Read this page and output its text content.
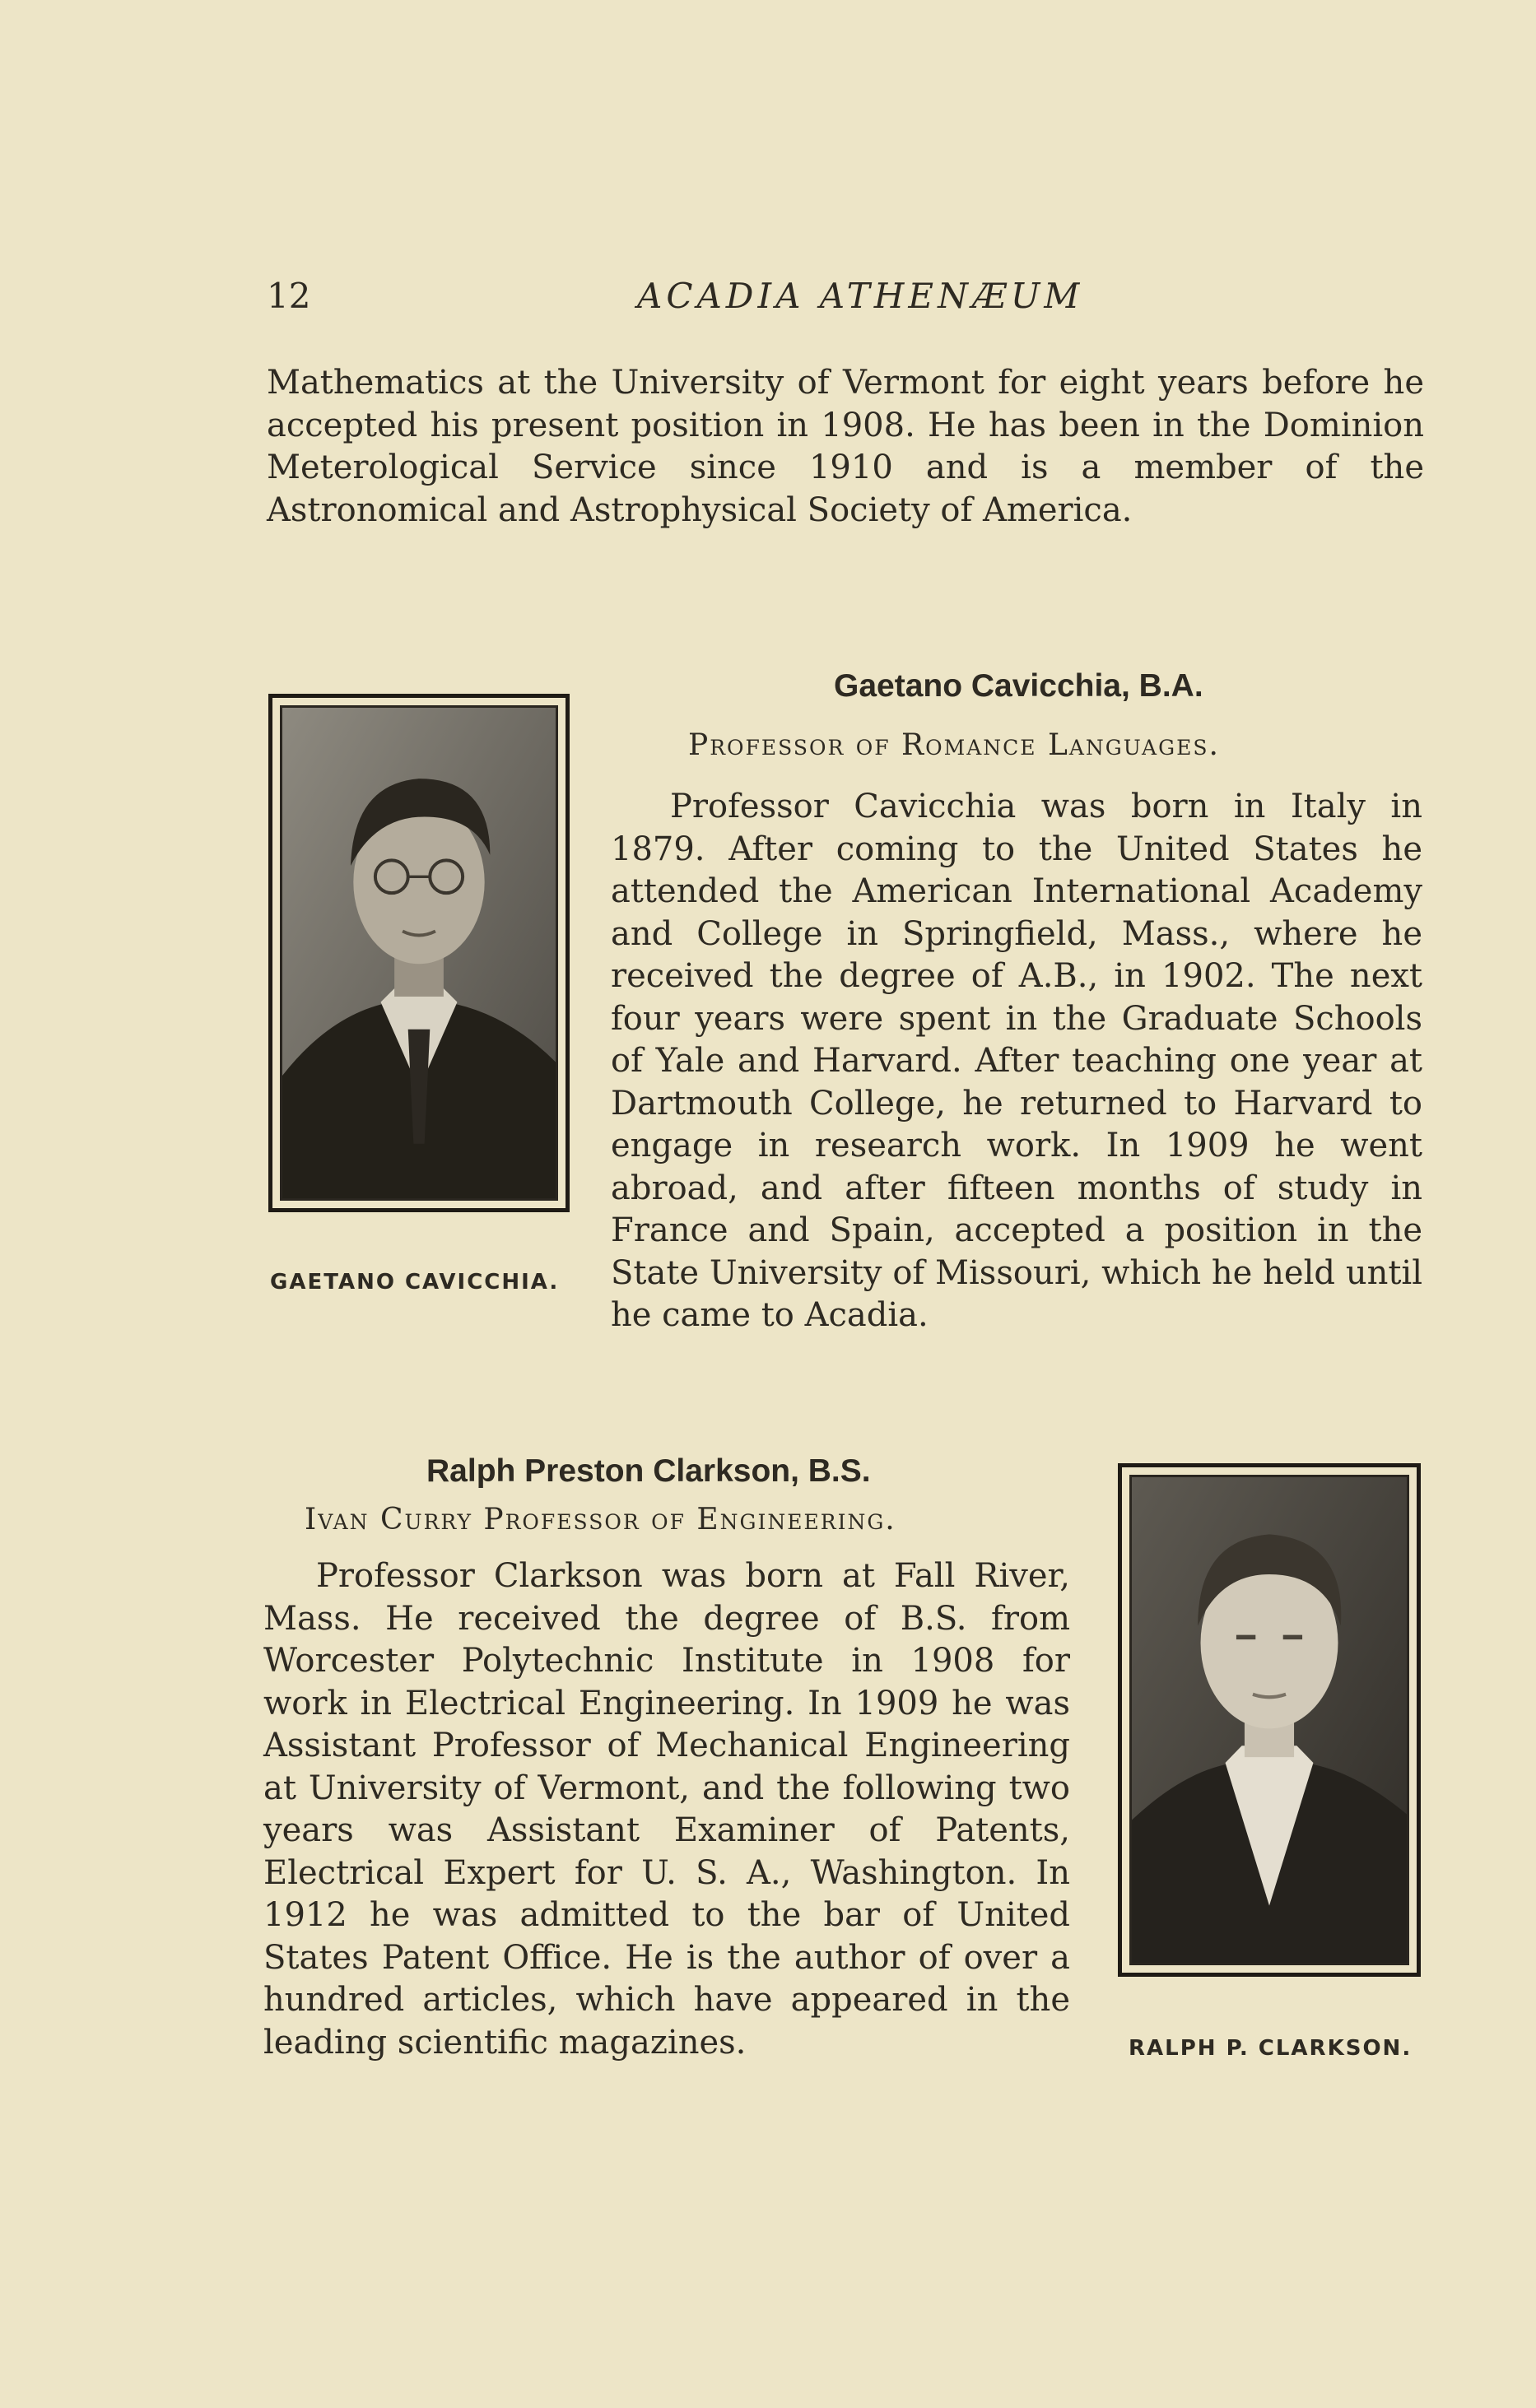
12	ACADIA ATHENÆUM

Mathematics at the University of Vermont for eight years before he accepted his present position in 1908. He has been in the Dominion Meterological Service since 1910 and is a member of the Astronomical and Astrophysical Society of America.

GAETANO CAVICCHIA.

Gaetano Cavicchia, B.A.

Professor of Romance Languages.

Professor Cavicchia was born in Italy in 1879. After coming to the United States he attended the American International Academy and College in Springfield, Mass., where he received the degree of A.B., in 1902. The next four years were spent in the Graduate Schools of Yale and Harvard. After teaching one year at Dartmouth College, he returned to Harvard to engage in research work. In 1909 he went abroad, and after fifteen months of study in France and Spain, accepted a position in the State University of Missouri, which he held until he came to Acadia.

Ralph Preston Clarkson, B.S.

Ivan Curry Professor of Engineering.

Professor Clarkson was born at Fall River, Mass. He received the degree of B.S. from Worcester Polytechnic Institute in 1908 for work in Electrical Engineering. In 1909 he was Assistant Professor of Mechanical Engineering at University of Vermont, and the following two years was Assistant Examiner of Patents, Electrical Expert for U. S. A., Washington. In 1912 he was admitted to the bar of United States Patent Office. He is the author of over a hundred articles, which have appeared in the leading scientific magazines.	RALPH P. CLARKSON.
